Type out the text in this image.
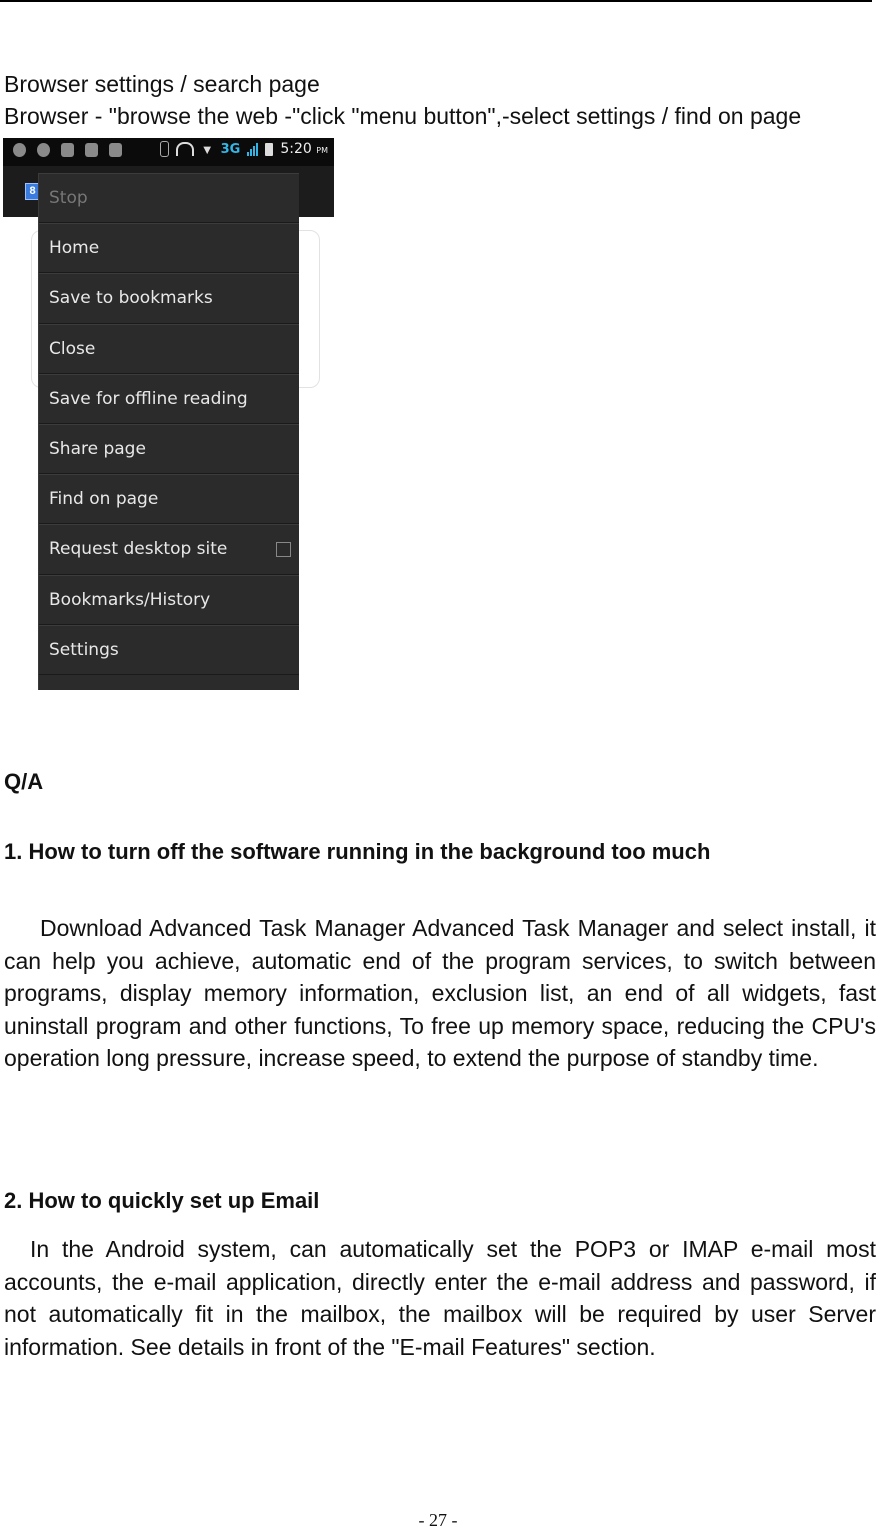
Browser settings / search page

Browser - "browse the web -"click "menu button",-select settings / find on page

▼ 3G	5:20 PM
8 Stop
Home
Save to bookmarks
Close
Save for offline reading
Share page
Find on page
Request desktop site
Bookmarks/History
Settings
Q/A
1. How to turn off the software running in the background too much

Download Advanced Task Manager Advanced Task Manager and select install, it can help you achieve, automatic end of the program services, to switch between programs, display memory information, exclusion list, an end of all widgets, fast uninstall program and other functions, To free up memory space, reducing the CPU's operation long pressure, increase speed, to extend the purpose of standby time.

2. How to quickly set up Email

In the Android system, can automatically set the POP3 or IMAP e-mail most accounts, the e-mail application, directly enter the e-mail address and password, if not automatically fit in the mailbox, the mailbox will be required by user Server information. See details in front of the "E-mail Features" section.

- 27 -
